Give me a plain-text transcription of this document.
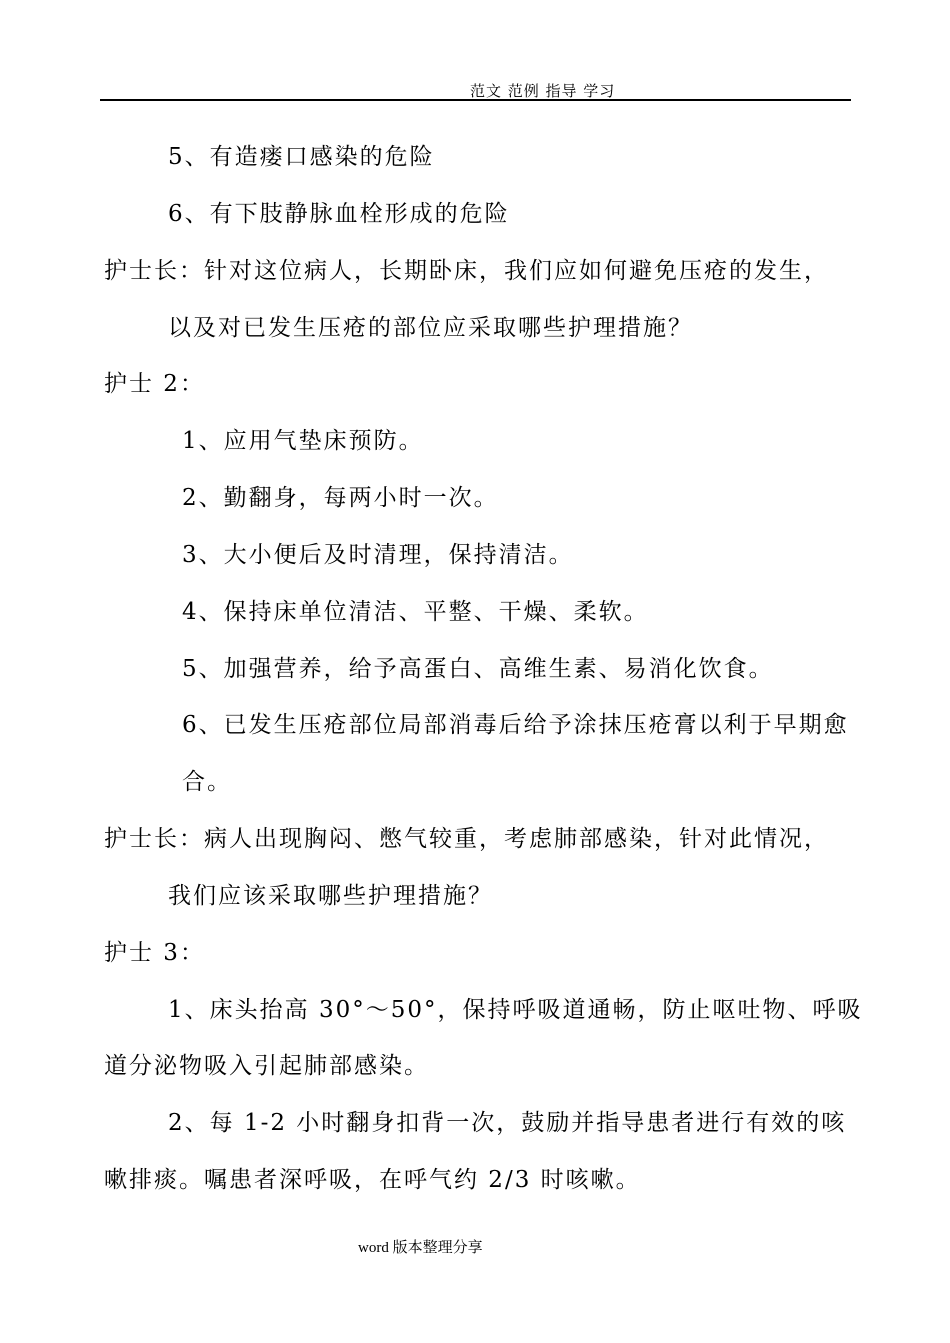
范文 范例 指导 学习
5、有造瘘口感染的危险
6、有下肢静脉血栓形成的危险
护士长：针对这位病人，长期卧床，我们应如何避免压疮的发生，
以及对已发生压疮的部位应采取哪些护理措施？
护士 2：
1、应用气垫床预防。
2、勤翻身，每两小时一次。
3、大小便后及时清理，保持清洁。
4、保持床单位清洁、平整、干燥、柔软。
5、加强营养，给予高蛋白、高维生素、易消化饮食。
6、已发生压疮部位局部消毒后给予涂抹压疮膏以利于早期愈
合。
护士长：病人出现胸闷、憋气较重，考虑肺部感染，针对此情况，
我们应该采取哪些护理措施？
护士 3：
1、床头抬高 30°～50°，保持呼吸道通畅，防止呕吐物、呼吸
道分泌物吸入引起肺部感染。
2、每 1-2 小时翻身扣背一次，鼓励并指导患者进行有效的咳
嗽排痰。嘱患者深呼吸，在呼气约 2/3 时咳嗽。
word 版本整理分享
